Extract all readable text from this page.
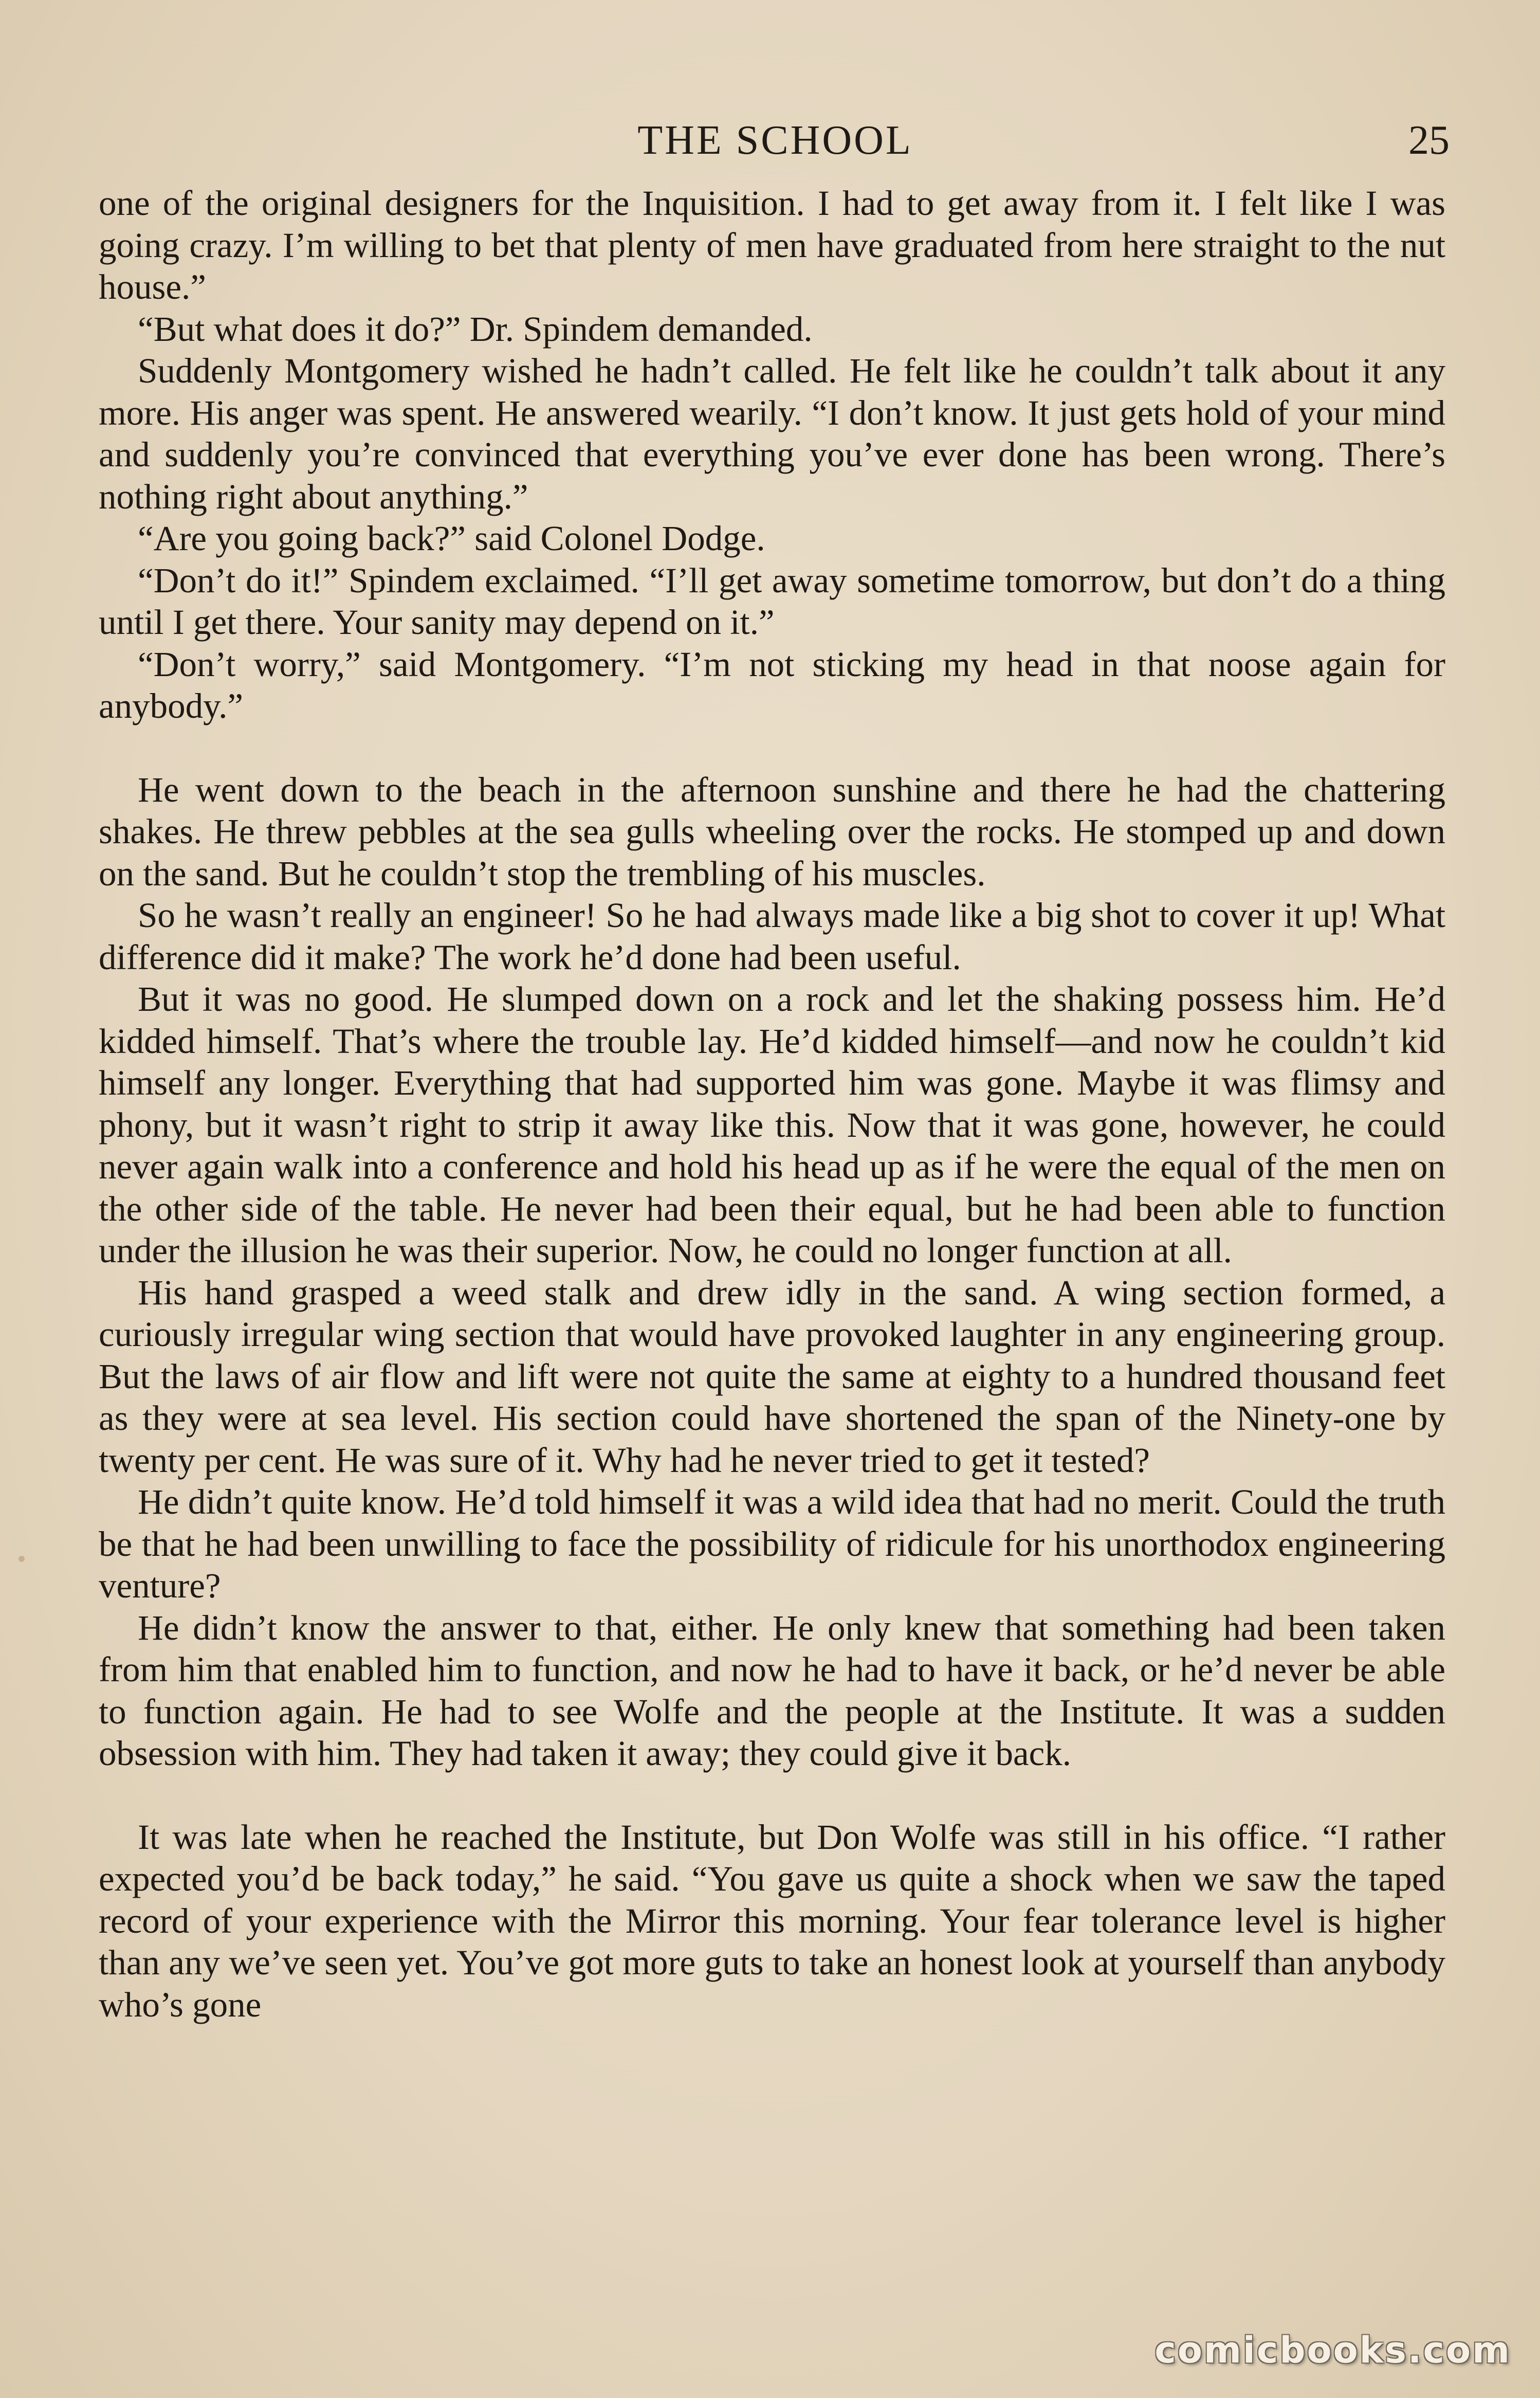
THE SCHOOL	25

one of the original designers for the Inquisition. I had to get away from it. I felt like I was going crazy. I’m willing to bet that plenty of men have graduated from here straight to the nut house.”

“But what does it do?” Dr. Spindem demanded.

Suddenly Montgomery wished he hadn’t called. He felt like he couldn’t talk about it any more. His anger was spent. He answered wearily. “I don’t know. It just gets hold of your mind and suddenly you’re convinced that everything you’ve ever done has been wrong. There’s nothing right about anything.”

“Are you going back?” said Colonel Dodge.

“Don’t do it!” Spindem exclaimed. “I’ll get away sometime tomorrow, but don’t do a thing until I get there. Your sanity may depend on it.”

“Don’t worry,” said Montgomery. “I’m not sticking my head in that noose again for anybody.”

He went down to the beach in the afternoon sunshine and there he had the chattering shakes. He threw pebbles at the sea gulls wheeling over the rocks. He stomped up and down on the sand. But he couldn’t stop the trembling of his muscles.

So he wasn’t really an engineer! So he had always made like a big shot to cover it up! What difference did it make? The work he’d done had been useful.

But it was no good. He slumped down on a rock and let the shaking possess him. He’d kidded himself. That’s where the trouble lay. He’d kidded himself—and now he couldn’t kid himself any longer. Everything that had supported him was gone. Maybe it was flimsy and phony, but it wasn’t right to strip it away like this. Now that it was gone, however, he could never again walk into a conference and hold his head up as if he were the equal of the men on the other side of the table. He never had been their equal, but he had been able to function under the illusion he was their superior. Now, he could no longer function at all.

His hand grasped a weed stalk and drew idly in the sand. A wing section formed, a curiously irregular wing section that would have provoked laughter in any engineering group. But the laws of air flow and lift were not quite the same at eighty to a hundred thousand feet as they were at sea level. His section could have shortened the span of the Ninety-one by twenty per cent. He was sure of it. Why had he never tried to get it tested?

He didn’t quite know. He’d told himself it was a wild idea that had no merit. Could the truth be that he had been unwilling to face the possibility of ridicule for his unorthodox engineering venture?

He didn’t know the answer to that, either. He only knew that something had been taken from him that enabled him to function, and now he had to have it back, or he’d never be able to function again. He had to see Wolfe and the people at the Institute. It was a sudden obsession with him. They had taken it away; they could give it back.

It was late when he reached the Institute, but Don Wolfe was still in his office. “I rather expected you’d be back today,” he said. “You gave us quite a shock when we saw the taped record of your experience with the Mirror this morning. Your fear tolerance level is higher than any we’ve seen yet. You’ve got more guts to take an honest look at yourself than anybody who’s gone

comicbooks.com
